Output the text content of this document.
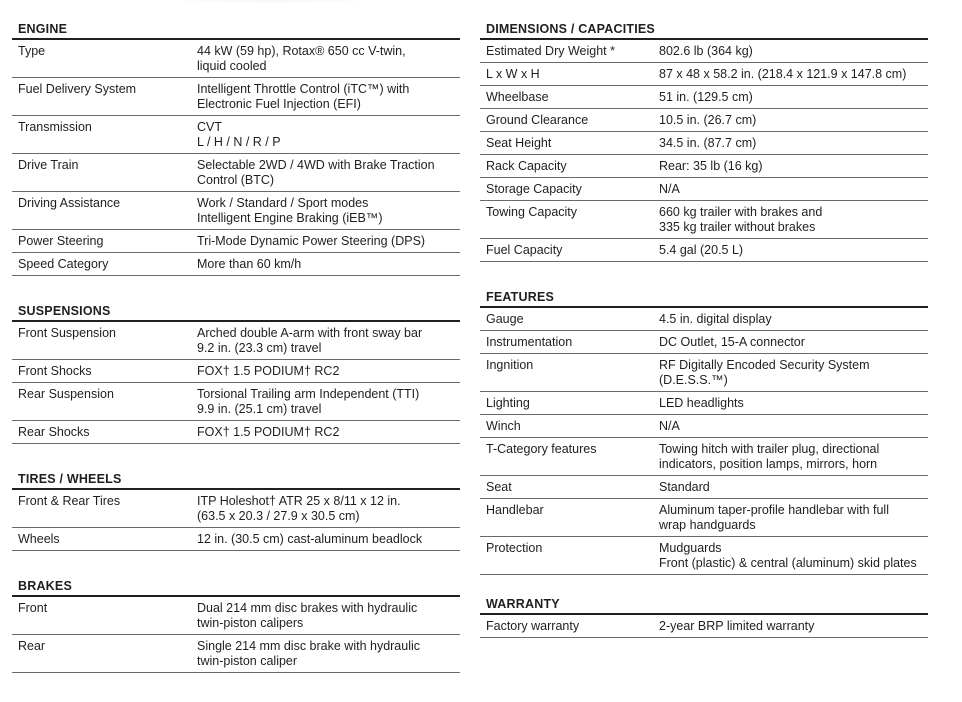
ENGINE
Type	44 kW (59 hp), Rotax® 650 cc V-twin,
liquid cooled
Fuel Delivery System	Intelligent Throttle Control (iTC™) with
Electronic Fuel Injection (EFI)
Transmission	CVT
L / H / N / R / P
Drive Train	Selectable 2WD / 4WD with Brake Traction
Control (BTC)
Driving Assistance	Work / Standard / Sport modes
Intelligent Engine Braking (iEB™)
Power Steering	Tri-Mode Dynamic Power Steering (DPS)
Speed Category	More than 60 km/h
SUSPENSIONS
Front Suspension	Arched double A-arm with front sway bar
9.2 in. (23.3 cm) travel
Front Shocks	FOX† 1.5 PODIUM† RC2
Rear Suspension	Torsional Trailing arm Independent (TTI)
9.9 in. (25.1 cm) travel
Rear Shocks	FOX† 1.5 PODIUM† RC2
TIRES / WHEELS
Front & Rear Tires	ITP Holeshot† ATR 25 x 8/11 x 12 in.
(63.5 x 20.3 / 27.9 x 30.5 cm)
Wheels	12 in. (30.5 cm) cast-aluminum beadlock
BRAKES
Front	Dual 214 mm disc brakes with hydraulic
twin-piston calipers
Rear	Single 214 mm disc brake with hydraulic
twin-piston caliper
DIMENSIONS / CAPACITIES
Estimated Dry Weight *	802.6 lb (364 kg)
L x W x H	87 x 48 x 58.2 in. (218.4 x 121.9 x 147.8 cm)
Wheelbase	51 in. (129.5 cm)
Ground Clearance	10.5 in. (26.7 cm)
Seat Height	34.5 in. (87.7 cm)
Rack Capacity	Rear: 35 lb (16 kg)
Storage Capacity	N/A
Towing Capacity	660 kg trailer with brakes and
335 kg trailer without brakes
Fuel Capacity	5.4 gal (20.5 L)
FEATURES
Gauge	4.5 in. digital display
Instrumentation	DC Outlet, 15-A connector
Ingnition	RF Digitally Encoded Security System
(D.E.S.S.™)
Lighting	LED headlights
Winch	N/A
T-Category features	Towing hitch with trailer plug, directional
indicators, position lamps, mirrors, horn
Seat	Standard
Handlebar	Aluminum taper-profile handlebar with full
wrap handguards
Protection	Mudguards
Front (plastic) & central (aluminum) skid plates
WARRANTY
Factory warranty	2-year BRP limited warranty
